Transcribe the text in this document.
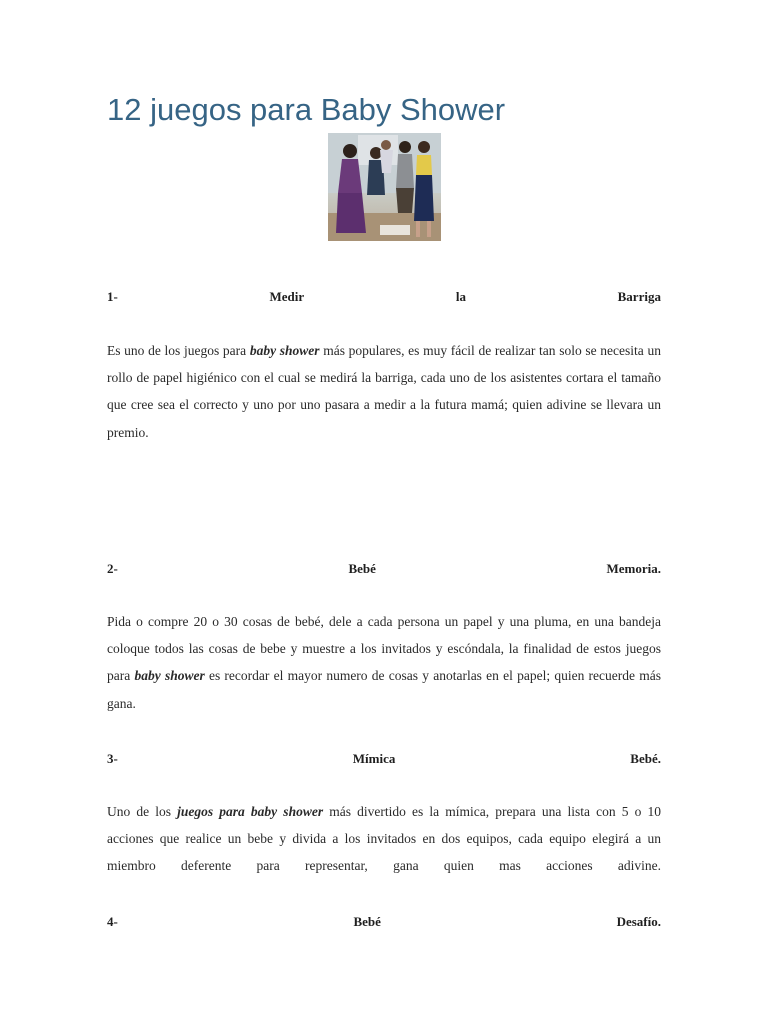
12 juegos para Baby Shower
1-	Medir	la	Barriga

Es uno de los juegos para baby shower más populares, es muy fácil de realizar tan solo se necesita un rollo de papel higiénico con el cual se medirá la barriga, cada uno de los asistentes cortara el tamaño que cree sea el correcto y uno por uno pasara a medir a la futura mamá; quien adivine se llevara un premio.

2-	Bebé	Memoria.

Pida o compre 20 o 30 cosas de bebé, dele a cada persona un papel y una pluma, en una bandeja coloque todos las cosas de bebe y muestre a los invitados y escóndala, la finalidad de estos juegos para baby shower es recordar el mayor numero de cosas y anotarlas en el papel; quien recuerde más gana.

3-	Mímica	Bebé.

Uno de los juegos para baby shower más divertido es la mímica, prepara una lista con 5 o 10 acciones que realice un bebe y divida a los invitados en dos equipos, cada equipo elegirá a un miembro deferente para representar, gana quien mas acciones adivine.

4-	Bebé	Desafío.
